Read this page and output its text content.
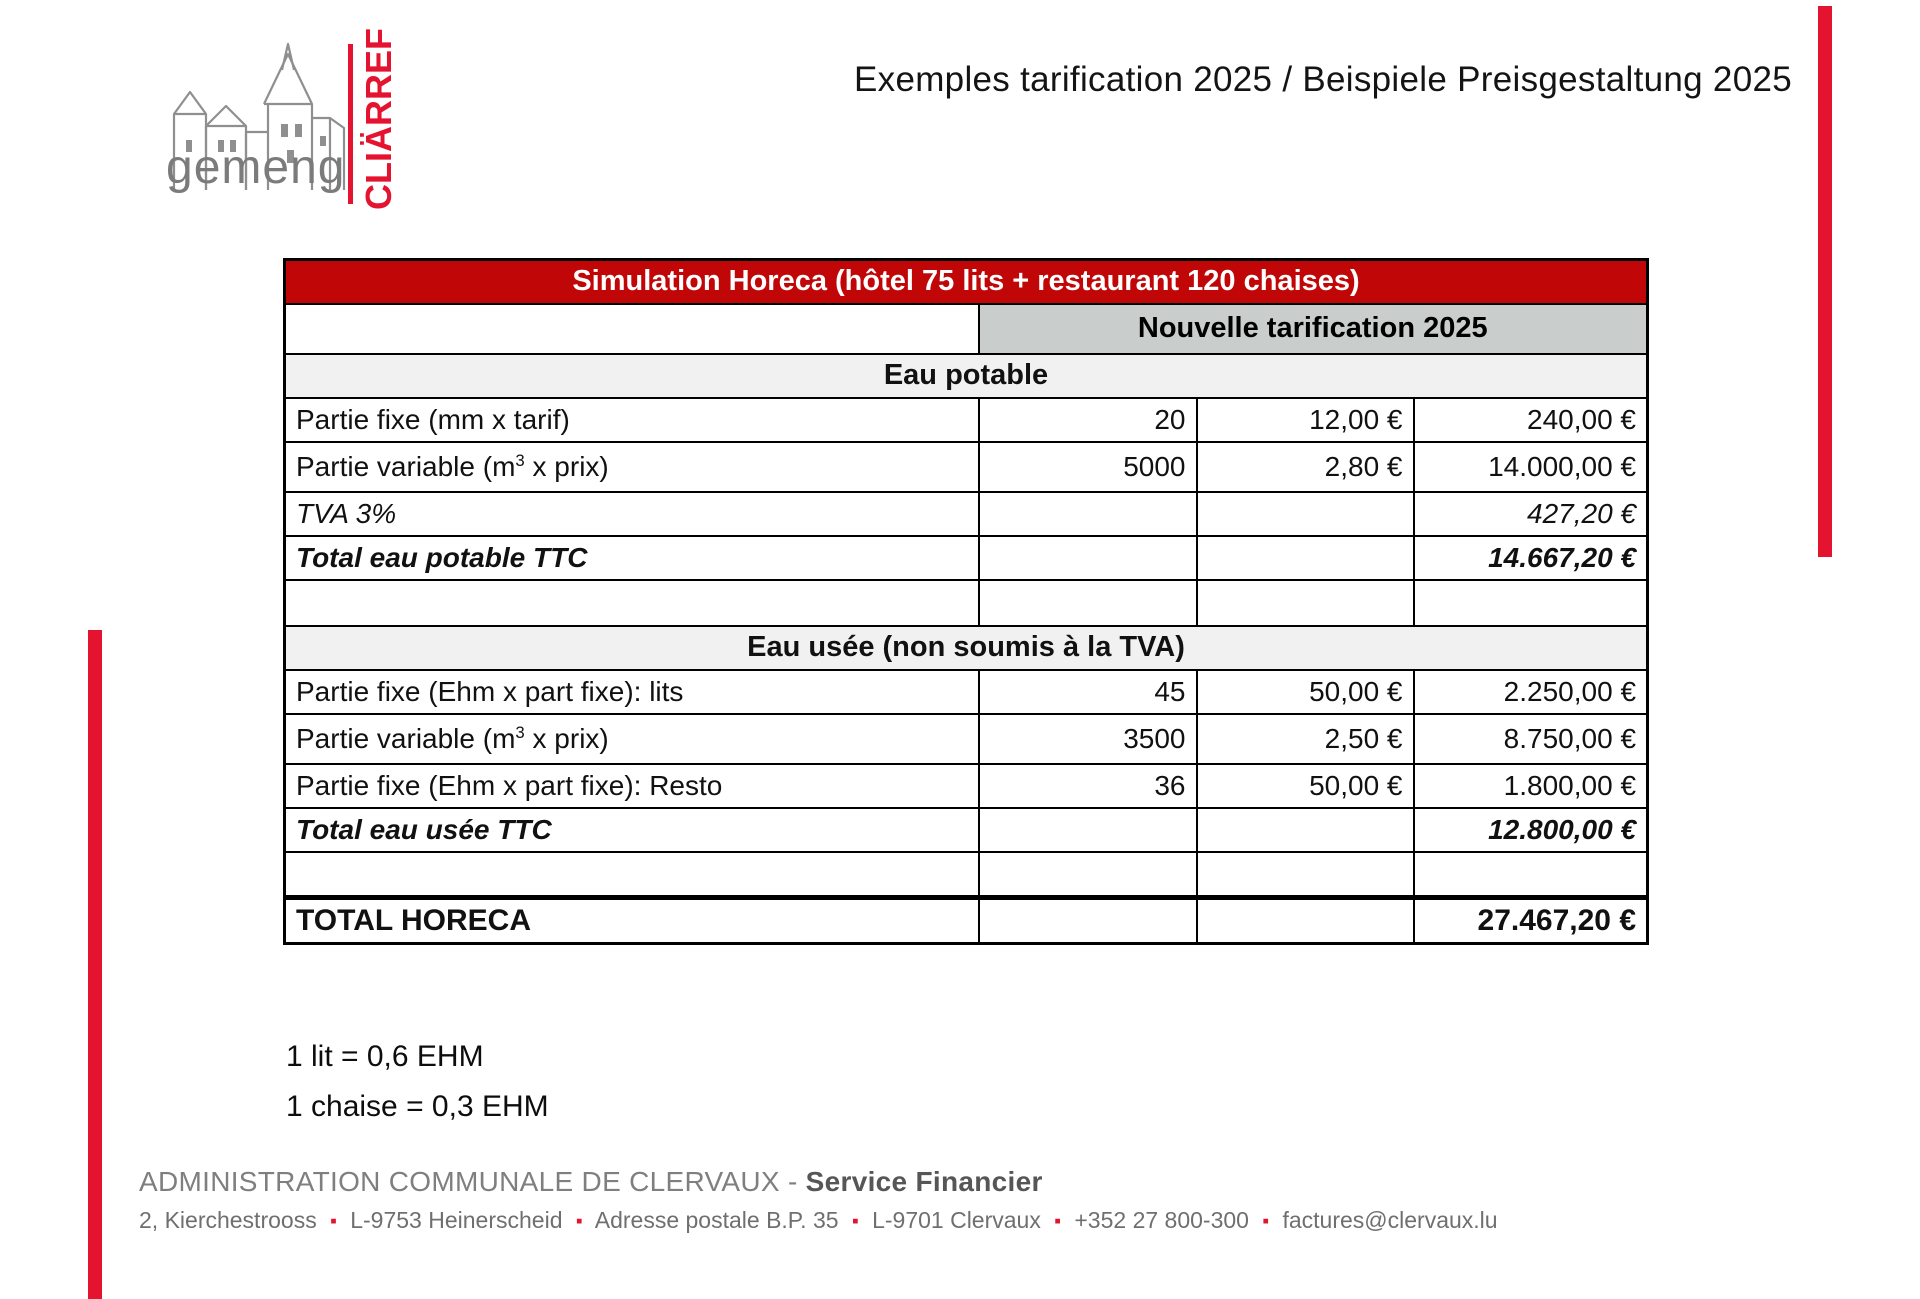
gemeng CLIÄRREF	Exemples tarification 2025 / Beispiele Preisgestaltung 2025
Simulation Horeca (hôtel 75 lits + restaurant 120 chaises)			
	Nouvelle tarification 2025		
Eau potable			
Partie fixe (mm x tarif)	20	12,00 €	240,00 €
Partie variable ($m^3$ x prix)	5000	2,80 €	14.000,00 €
TVA 3%			427,20 €
Total eau potable TTC			14.667,20 €

Eau usée (non soumis à la TVA)			
Partie fixe (Ehm x part fixe): lits	45	50,00 €	2.250,00 €
Partie variable ($m^3$ x prix)	3500	2,50 €	8.750,00 €
Partie fixe (Ehm x part fixe): Resto	36	50,00 €	1.800,00 €
Total eau usée TTC			12.800,00 €

TOTAL HORECA			27.467,20 €
1 lit = 0,6 EHM
1 chaise = 0,3 EHM
ADMINISTRATION COMMUNALE DE CLERVAUX - Service Financier
2, Kierchestrooss ▪ L-9753 Heinerscheid ▪ Adresse postale B.P. 35 ▪ L-9701 Clervaux ▪ +352 27 800-300 ▪ factures@clervaux.lu
